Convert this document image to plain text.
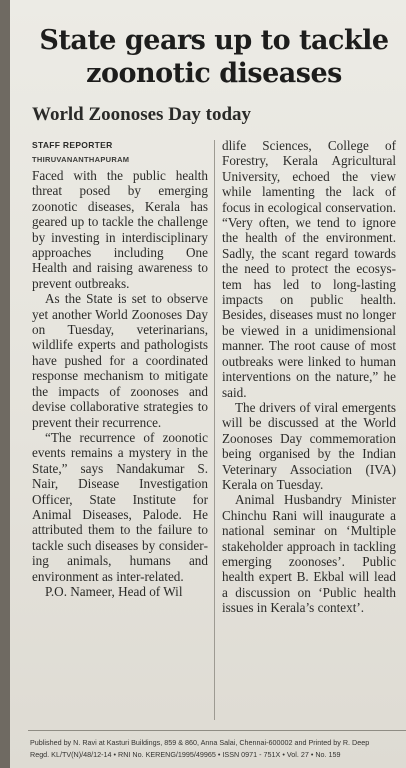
State gears up to tackle zoonotic diseases
World Zoonoses Day today
STAFF REPORTER
THIRUVANANTHAPURAM

Faced with the public health threat posed by emerging zoonotic diseases, Kerala has geared up to tackle the challenge by investing in interdisciplinary approaches including One Health and raising awareness to prevent outbreaks.

As the State is set to observe yet another World Zoonoses Day on Tuesday, veterinarians, wildlife experts and pathologists have pushed for a coordinated response mechanism to mitigate the impacts of zoonoses and devise collaborative strategies to prevent their recurrence.

“The recurrence of zoonotic events remains a mystery in the State,” says Nandakumar S. Nair, Disease Investigation Officer, State Institute for Animal Diseases, Palode. He attributed them to the failure to tackle such diseases by considering animals, humans and environment as inter-related.

P.O. Nameer, Head of Wil

dlife Sciences, College of Forestry, Kerala Agricultural University, echoed the view while lamenting the lack of focus in ecological conservation. “Very often, we tend to ignore the health of the environment. Sadly, the scant regard towards the need to protect the ecosystem has led to long-lasting impacts on public health. Besides, diseases must no longer be viewed in a unidimensional manner. The root cause of most outbreaks were linked to human interventions on the nature,” he said.

The drivers of viral emergents will be discussed at the World Zoonoses Day commemoration being organised by the Indian Veterinary Association (IVA) Kerala on Tuesday.

Animal Husbandry Minister Chinchu Rani will inaugurate a national seminar on ‘Multiple stakeholder approach in tackling emerging zoonoses’. Public health expert B. Ekbal will lead a discussion on ‘Public health issues in Kerala’s context’.

Published by N. Ravi at Kasturi Buildings, 859 & 860, Anna Salai, Chennai-600002 and Printed by R. Deep
Regd. KL/TV(N)/48/12-14 • RNI No. KERENG/1995/49965 • ISSN 0971 - 751X • Vol. 27 • No. 159
